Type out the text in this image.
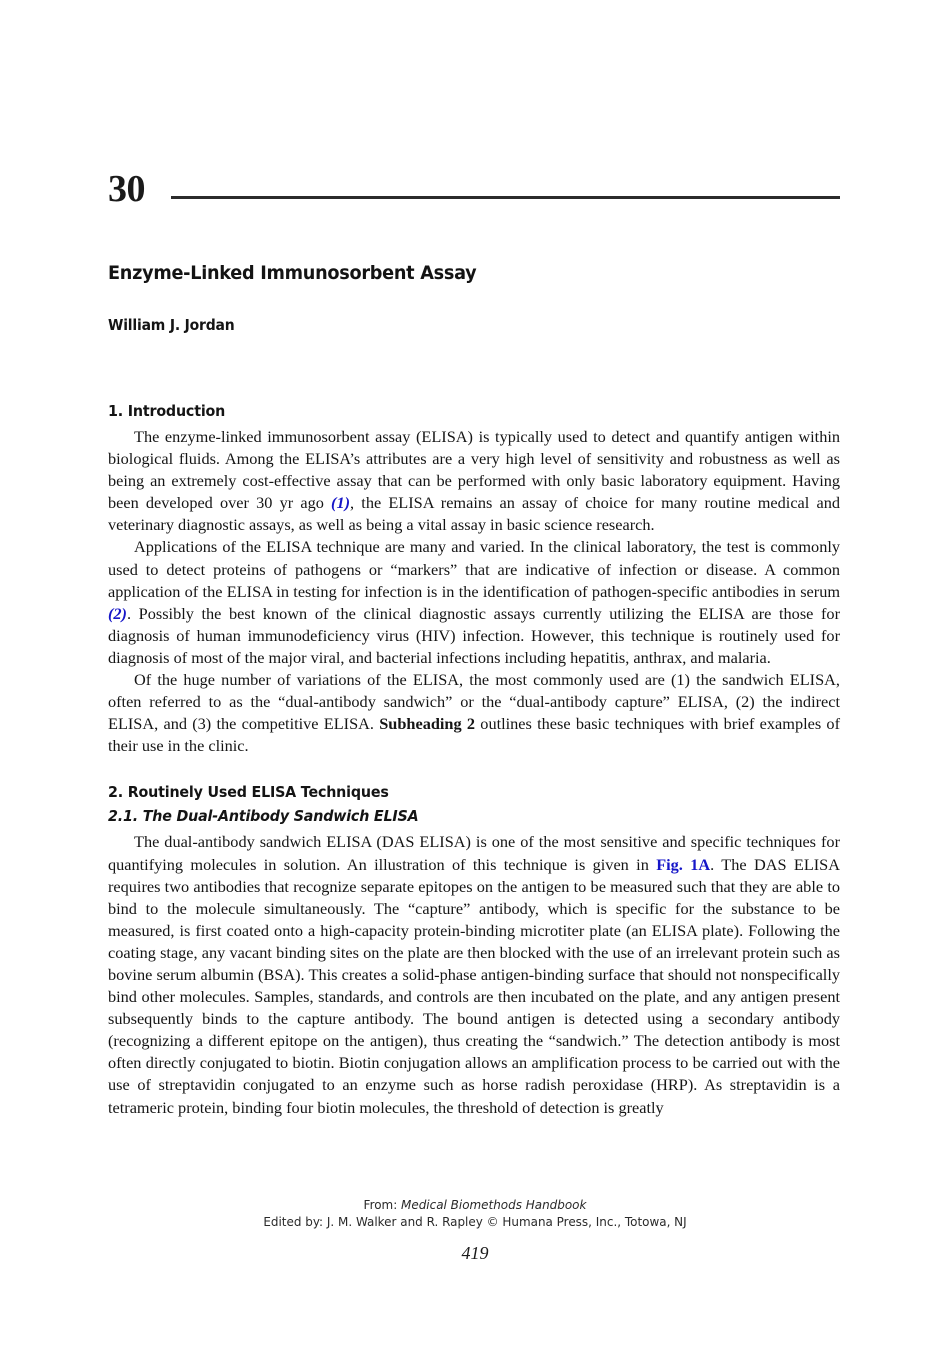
30
Enzyme-Linked Immunosorbent Assay
William J. Jordan
1. Introduction

The enzyme-linked immunosorbent assay (ELISA) is typically used to detect and quantify antigen within biological fluids. Among the ELISA’s attributes are a very high level of sensitivity and robustness as well as being an extremely cost-effective assay that can be performed with only basic laboratory equipment. Having been developed over 30 yr ago (1), the ELISA remains an assay of choice for many routine medical and veterinary diagnostic assays, as well as being a vital assay in basic science research.

Applications of the ELISA technique are many and varied. In the clinical laboratory, the test is commonly used to detect proteins of pathogens or “markers” that are indicative of infection or disease. A common application of the ELISA in testing for infection is in the identification of pathogen-specific antibodies in serum (2). Possibly the best known of the clinical diagnostic assays currently utilizing the ELISA are those for diagnosis of human immunodeficiency virus (HIV) infection. However, this technique is routinely used for diagnosis of most of the major viral, and bacterial infections including hepatitis, anthrax, and malaria.

Of the huge number of variations of the ELISA, the most commonly used are (1) the sandwich ELISA, often referred to as the “dual-antibody sandwich” or the “dual-antibody capture” ELISA, (2) the indirect ELISA, and (3) the competitive ELISA. Subheading 2 outlines these basic techniques with brief examples of their use in the clinic.

2. Routinely Used ELISA Techniques
2.1. The Dual-Antibody Sandwich ELISA

The dual-antibody sandwich ELISA (DAS ELISA) is one of the most sensitive and specific techniques for quantifying molecules in solution. An illustration of this technique is given in Fig. 1A. The DAS ELISA requires two antibodies that recognize separate epitopes on the antigen to be measured such that they are able to bind to the molecule simultaneously. The “capture” antibody, which is specific for the substance to be measured, is first coated onto a high-capacity protein-binding microtiter plate (an ELISA plate). Following the coating stage, any vacant binding sites on the plate are then blocked with the use of an irrelevant protein such as bovine serum albumin (BSA). This creates a solid-phase antigen-binding surface that should not nonspecifically bind other molecules. Samples, standards, and controls are then incubated on the plate, and any antigen present subsequently binds to the capture antibody. The bound antigen is detected using a secondary antibody (recognizing a different epitope on the antigen), thus creating the “sandwich.” The detection antibody is most often directly conjugated to biotin. Biotin conjugation allows an amplification process to be carried out with the use of streptavidin conjugated to an enzyme such as horse radish peroxidase (HRP). As streptavidin is a tetrameric protein, binding four biotin molecules, the threshold of detection is greatly

From: Medical Biomethods Handbook
Edited by: J. M. Walker and R. Rapley © Humana Press, Inc., Totowa, NJ
419
